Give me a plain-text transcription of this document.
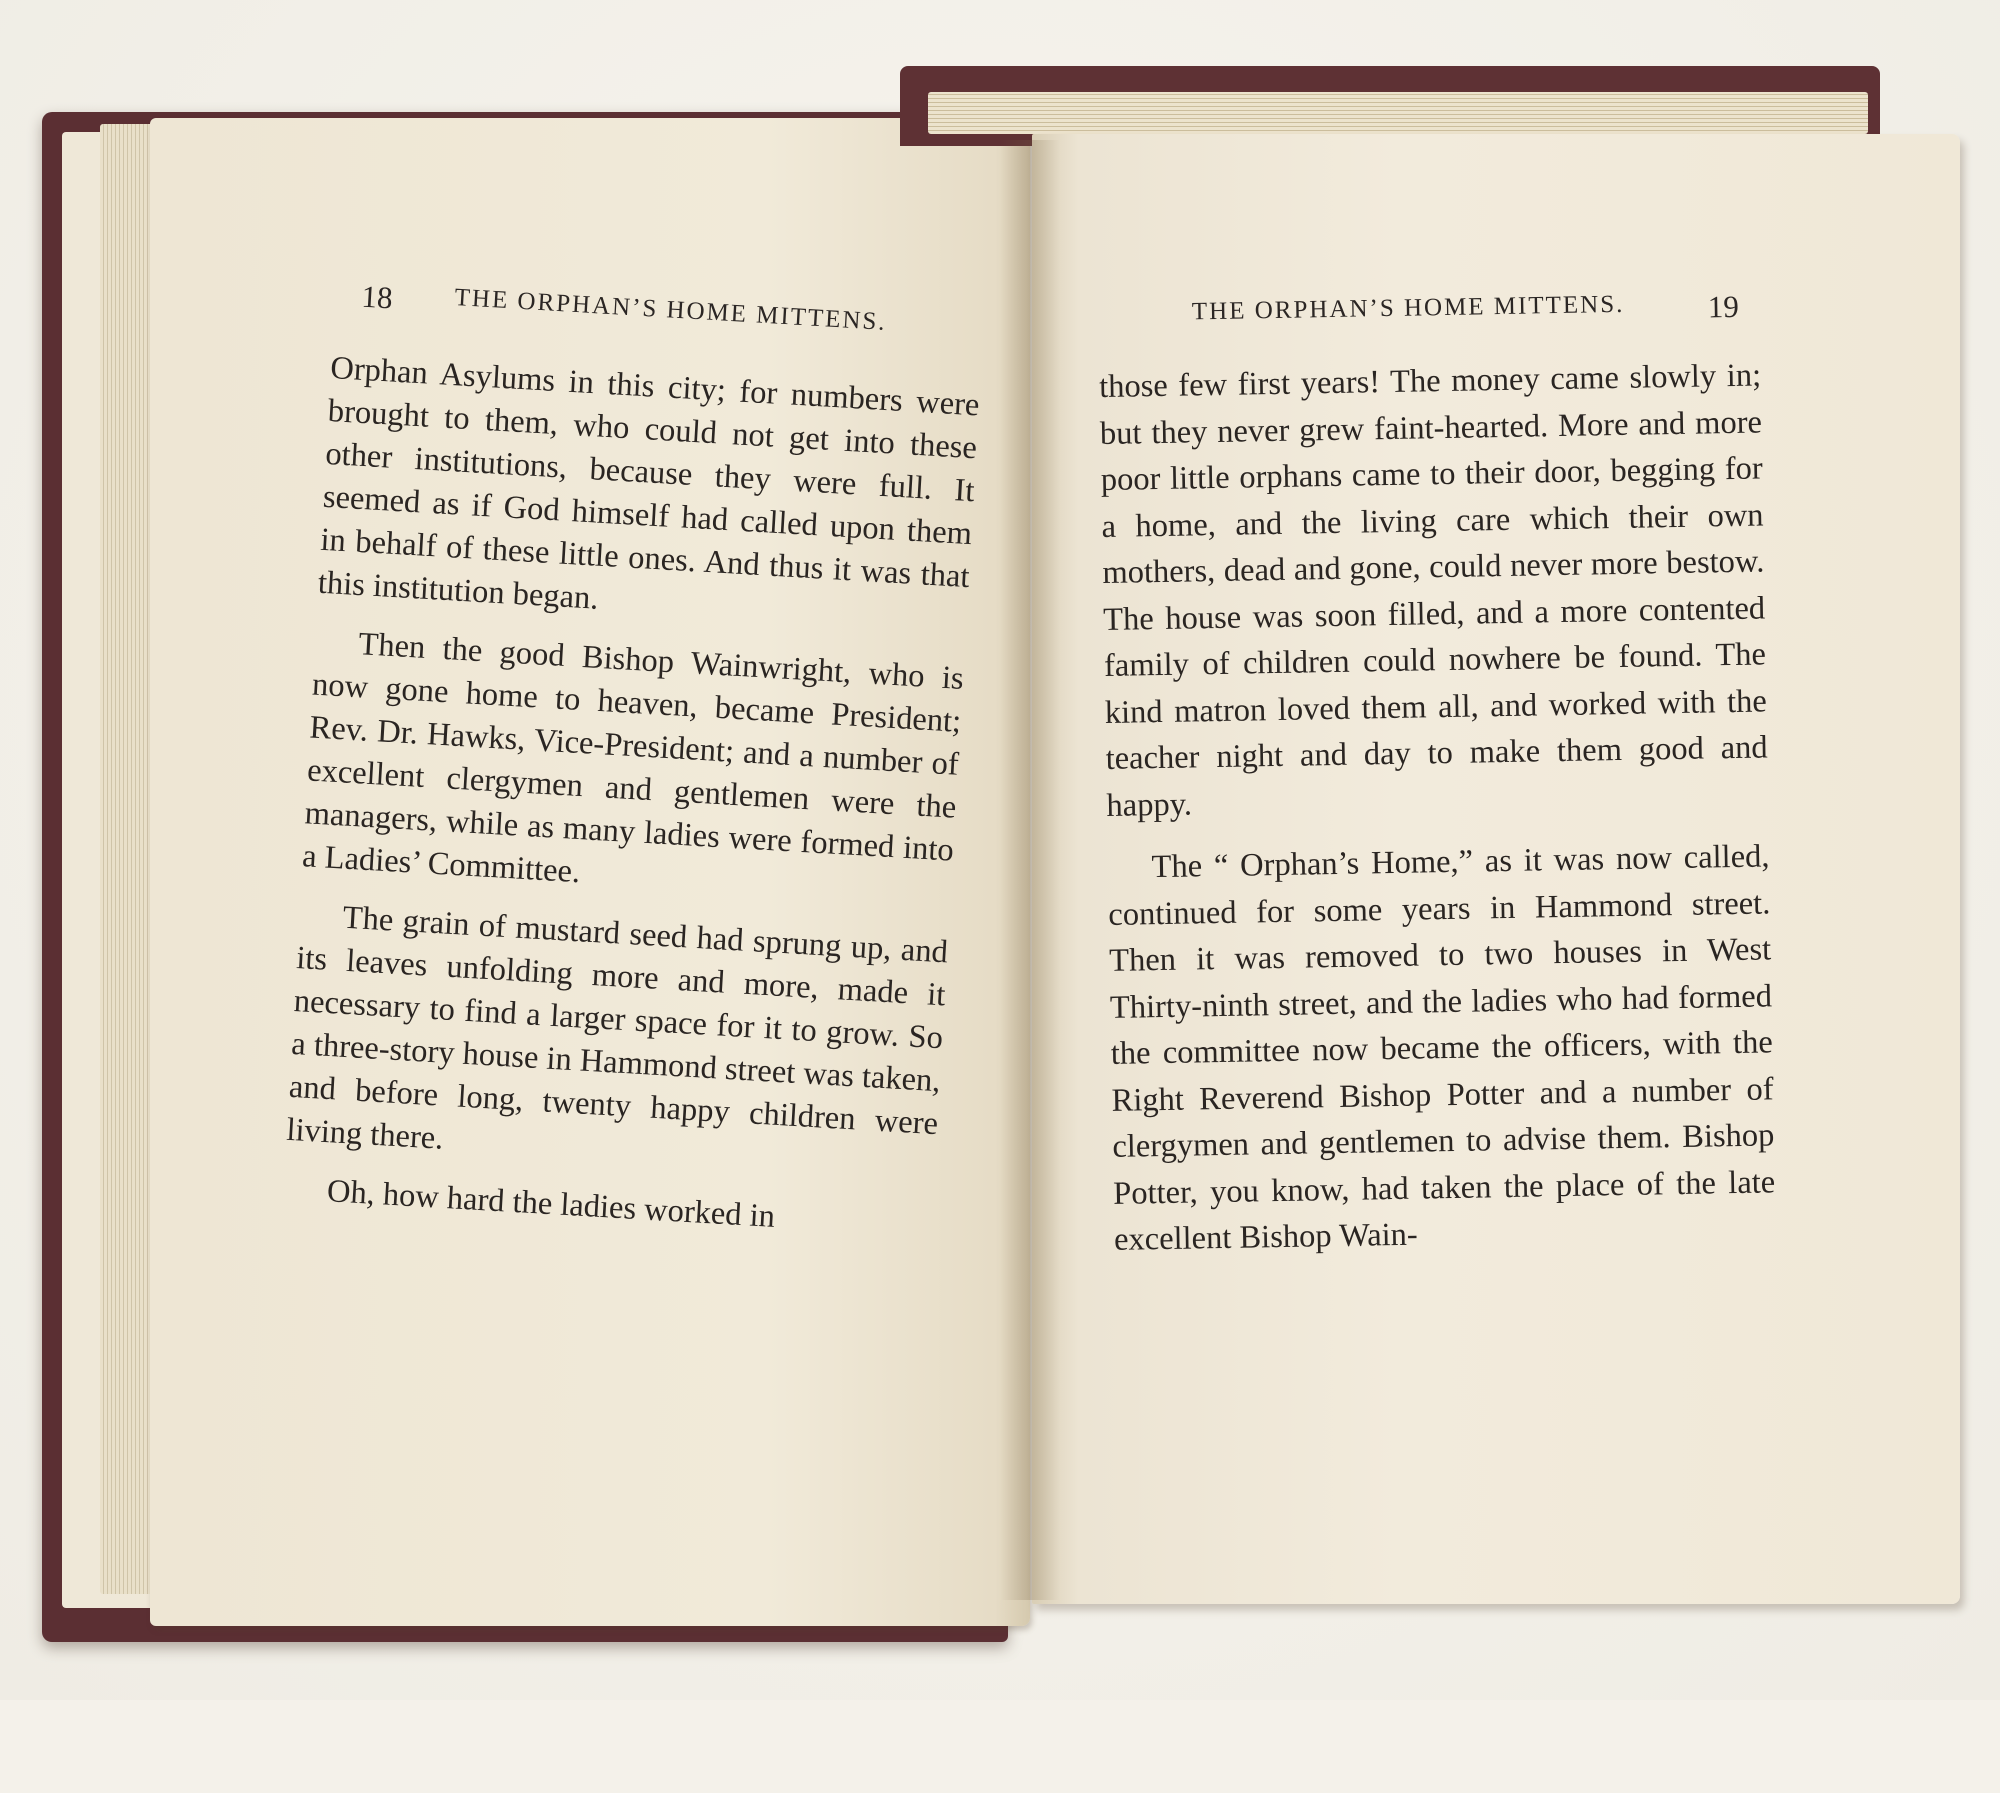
18 THE ORPHAN’S HOME MITTENS.

Orphan Asylums in this city; for numbers were brought to them, who could not get into these other institutions, because they were full. It seemed as if God himself had called upon them in behalf of these little ones. And thus it was that this institution began.

Then the good Bishop Wainwright, who is now gone home to heaven, became President; Rev. Dr. Hawks, Vice-President; and a number of excellent clergymen and gentlemen were the managers, while as many ladies were formed into a Ladies’ Committee.

The grain of mustard seed had sprung up, and its leaves unfolding more and more, made it necessary to find a larger space for it to grow. So a three-story house in Hammond street was taken, and before long, twenty happy children were living there.

Oh, how hard the ladies worked in

THE ORPHAN’S HOME MITTENS.	19

those few first years! The money came slowly in; but they never grew faint-hearted. More and more poor little orphans came to their door, begging for a home, and the living care which their own mothers, dead and gone, could never more bestow. The house was soon filled, and a more contented family of children could nowhere be found. The kind matron loved them all, and worked with the teacher night and day to make them good and happy.

The “ Orphan’s Home,” as it was now called, continued for some years in Hammond street. Then it was removed to two houses in West Thirty-ninth street, and the ladies who had formed the committee now became the officers, with the Right Reverend Bishop Potter and a number of clergymen and gentlemen to advise them. Bishop Potter, you know, had taken the place of the late excellent Bishop Wain-
